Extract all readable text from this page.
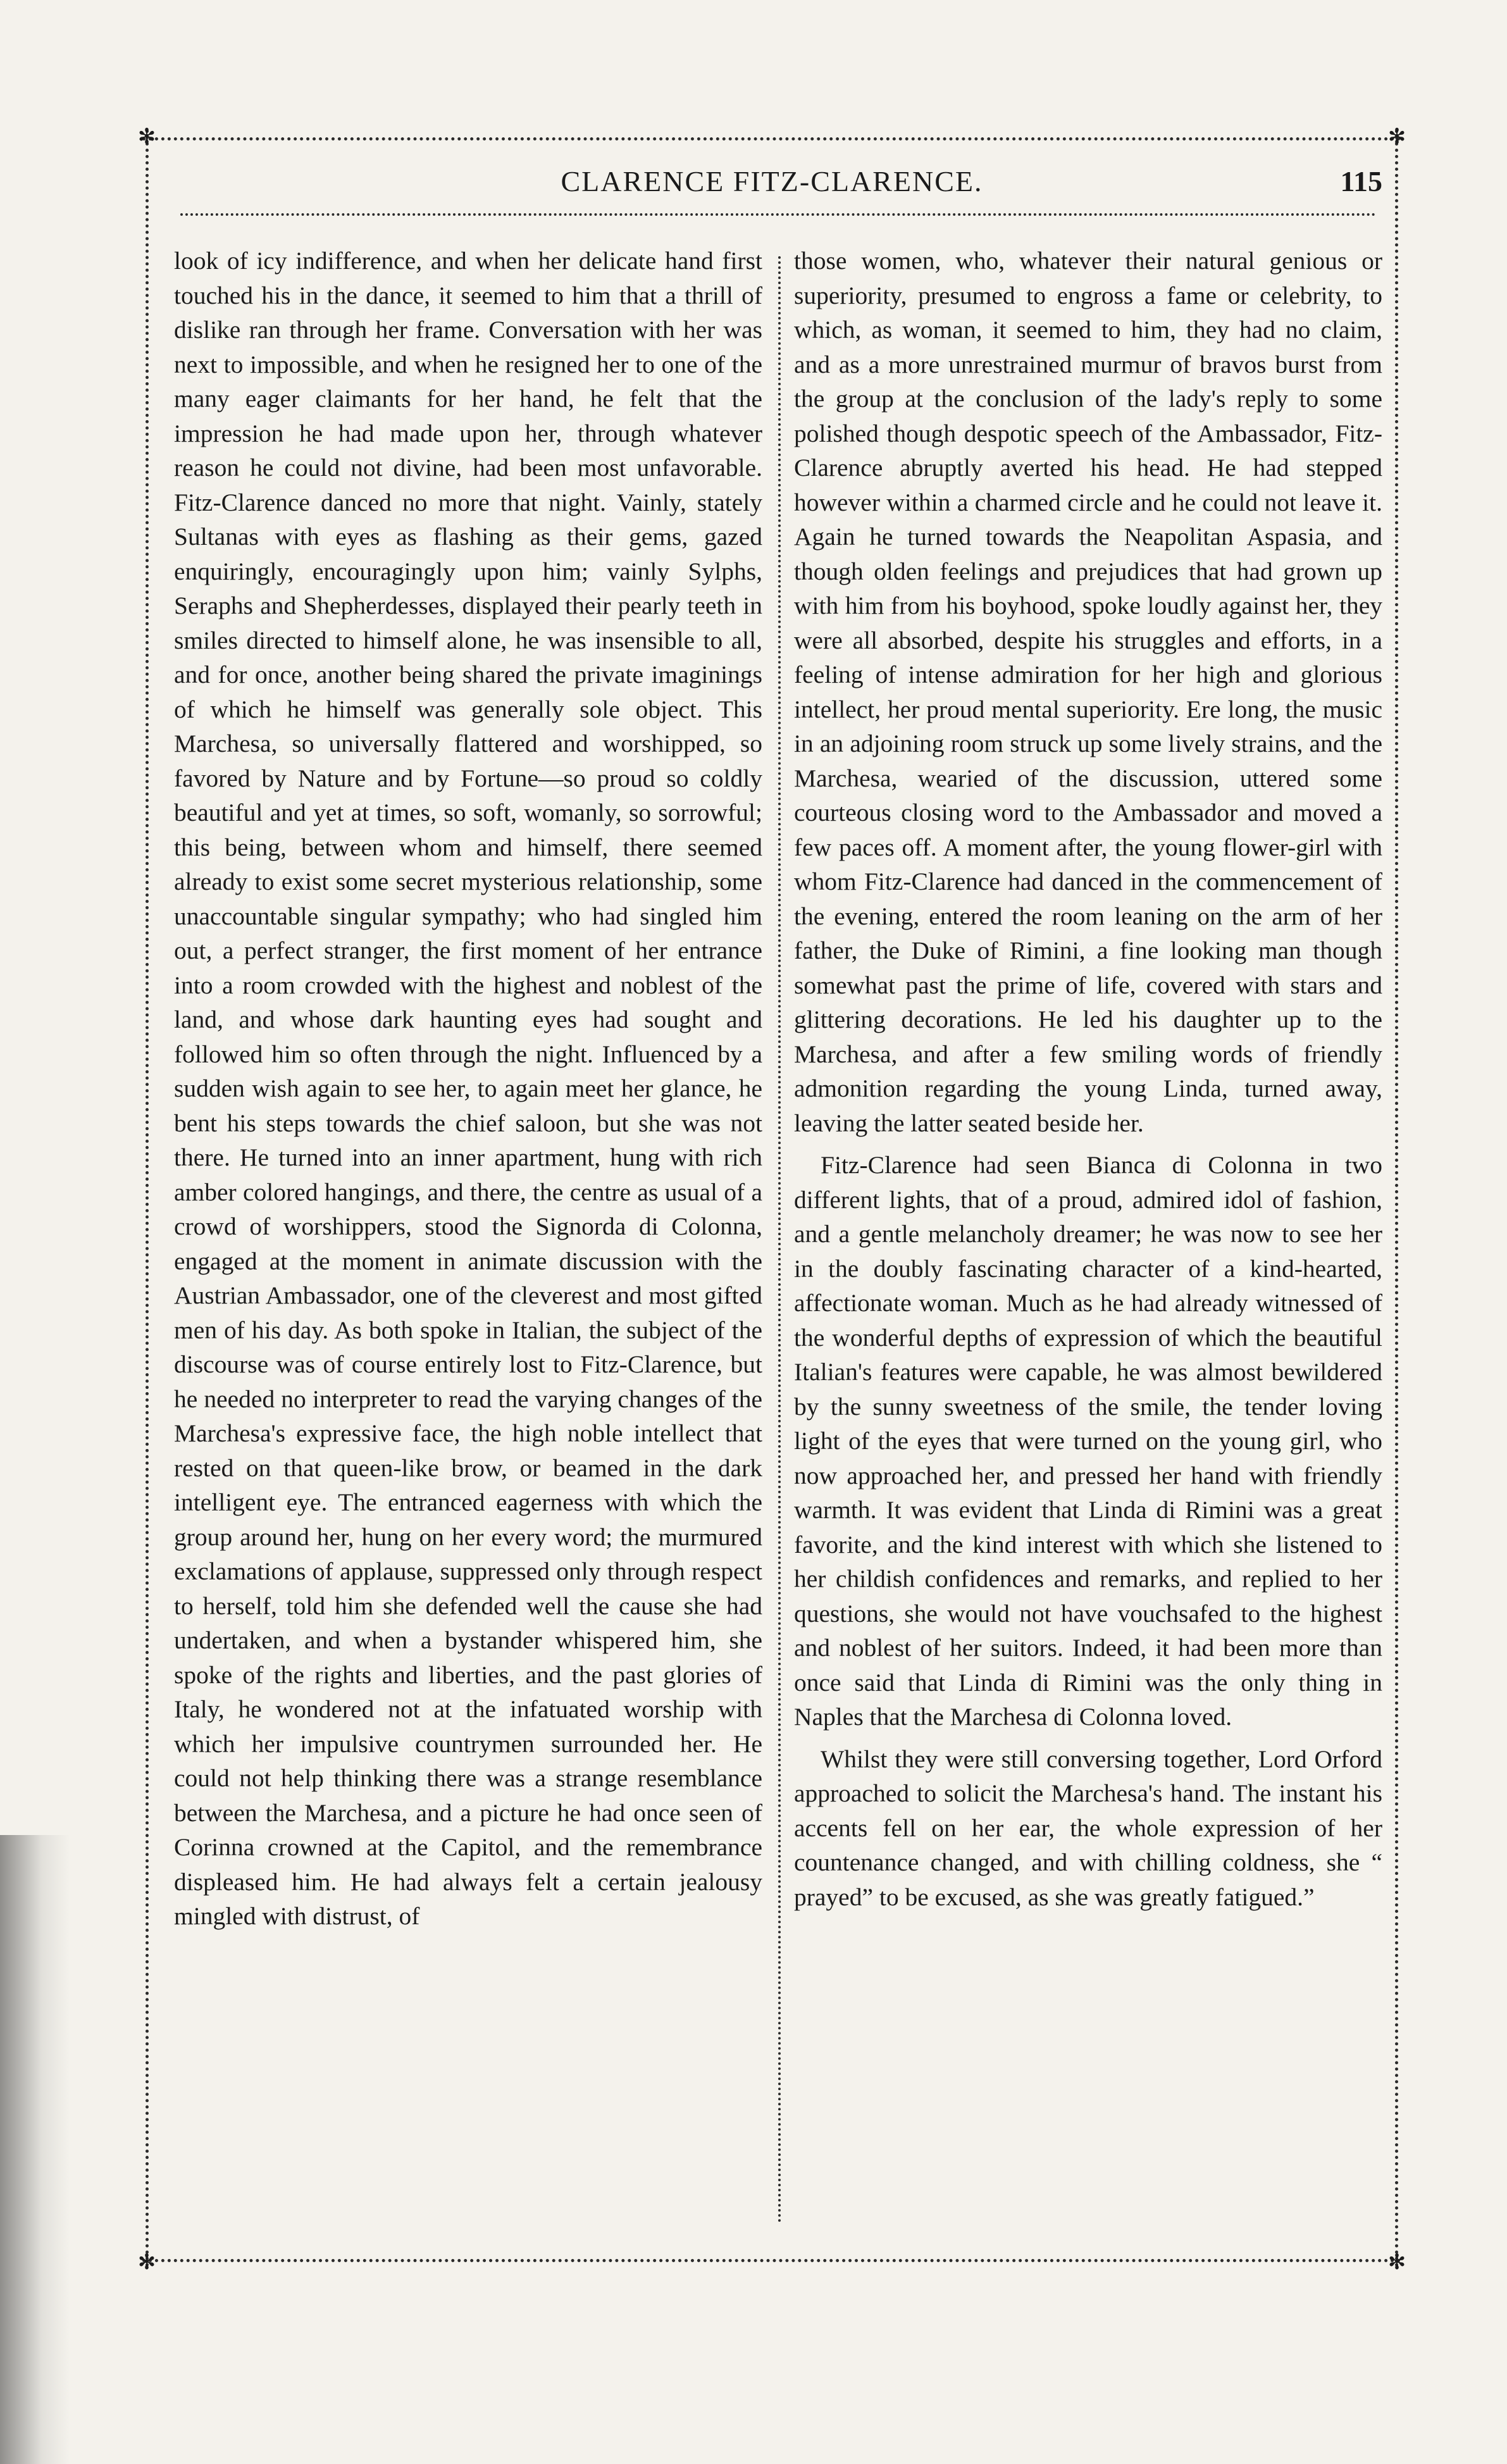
✻	✻
✻	✻
CLARENCE FITZ-CLARENCE.	115

look of icy indifference, and when her delicate hand first touched his in the dance, it seemed to him that a thrill of dislike ran through her frame. Conversation with her was next to impossible, and when he resigned her to one of the many eager claimants for her hand, he felt that the impression he had made upon her, through whatever reason he could not divine, had been most unfavorable. Fitz-Clarence danced no more that night. Vainly, stately Sultanas with eyes as flashing as their gems, gazed enquiringly, encouragingly upon him; vainly Sylphs, Seraphs and Shepherdesses, displayed their pearly teeth in smiles directed to himself alone, he was insensible to all, and for once, another being shared the private imaginings of which he himself was generally sole object. This Marchesa, so universally flattered and worshipped, so favored by Nature and by Fortune—so proud so coldly beautiful and yet at times, so soft, womanly, so sorrowful; this being, between whom and himself, there seemed already to exist some secret mysterious relationship, some unaccountable singular sympathy; who had singled him out, a perfect stranger, the first moment of her entrance into a room crowded with the highest and noblest of the land, and whose dark haunting eyes had sought and followed him so often through the night. Influenced by a sudden wish again to see her, to again meet her glance, he bent his steps towards the chief saloon, but she was not there. He turned into an inner apartment, hung with rich amber colored hangings, and there, the centre as usual of a crowd of worshippers, stood the Signorda di Colonna, engaged at the moment in animate discussion with the Austrian Ambassador, one of the cleverest and most gifted men of his day. As both spoke in Italian, the subject of the discourse was of course entirely lost to Fitz-Clarence, but he needed no interpreter to read the varying changes of the Marchesa's expressive face, the high noble intellect that rested on that queen-like brow, or beamed in the dark intelligent eye. The entranced eagerness with which the group around her, hung on her every word; the murmured exclamations of applause, suppressed only through respect to herself, told him she defended well the cause she had undertaken, and when a bystander whispered him, she spoke of the rights and liberties, and the past glories of Italy, he wondered not at the infatuated worship with which her impulsive countrymen surrounded her. He could not help thinking there was a strange resemblance between the Marchesa, and a picture he had once seen of Corinna crowned at the Capitol, and the remembrance displeased him. He had always felt a certain jealousy mingled with distrust, of

those women, who, whatever their natural genious or superiority, presumed to engross a fame or celebrity, to which, as woman, it seemed to him, they had no claim, and as a more unrestrained murmur of bravos burst from the group at the conclusion of the lady's reply to some polished though despotic speech of the Ambassador, Fitz-Clarence abruptly averted his head. He had stepped however within a charmed circle and he could not leave it. Again he turned towards the Neapolitan Aspasia, and though olden feelings and prejudices that had grown up with him from his boyhood, spoke loudly against her, they were all absorbed, despite his struggles and efforts, in a feeling of intense admiration for her high and glorious intellect, her proud mental superiority. Ere long, the music in an adjoining room struck up some lively strains, and the Marchesa, wearied of the discussion, uttered some courteous closing word to the Ambassador and moved a few paces off. A moment after, the young flower-girl with whom Fitz-Clarence had danced in the commencement of the evening, entered the room leaning on the arm of her father, the Duke of Rimini, a fine looking man though somewhat past the prime of life, covered with stars and glittering decorations. He led his daughter up to the Marchesa, and after a few smiling words of friendly admonition regarding the young Linda, turned away, leaving the latter seated beside her.

Fitz-Clarence had seen Bianca di Colonna in two different lights, that of a proud, admired idol of fashion, and a gentle melancholy dreamer; he was now to see her in the doubly fascinating character of a kind-hearted, affectionate woman. Much as he had already witnessed of the wonderful depths of expression of which the beautiful Italian's features were capable, he was almost bewildered by the sunny sweetness of the smile, the tender loving light of the eyes that were turned on the young girl, who now approached her, and pressed her hand with friendly warmth. It was evident that Linda di Rimini was a great favorite, and the kind interest with which she listened to her childish confidences and remarks, and replied to her questions, she would not have vouchsafed to the highest and noblest of her suitors. Indeed, it had been more than once said that Linda di Rimini was the only thing in Naples that the Marchesa di Colonna loved.

Whilst they were still conversing together, Lord Orford approached to solicit the Marchesa's hand. The instant his accents fell on her ear, the whole expression of her countenance changed, and with chilling coldness, she “ prayed” to be excused, as she was greatly fatigued.”
